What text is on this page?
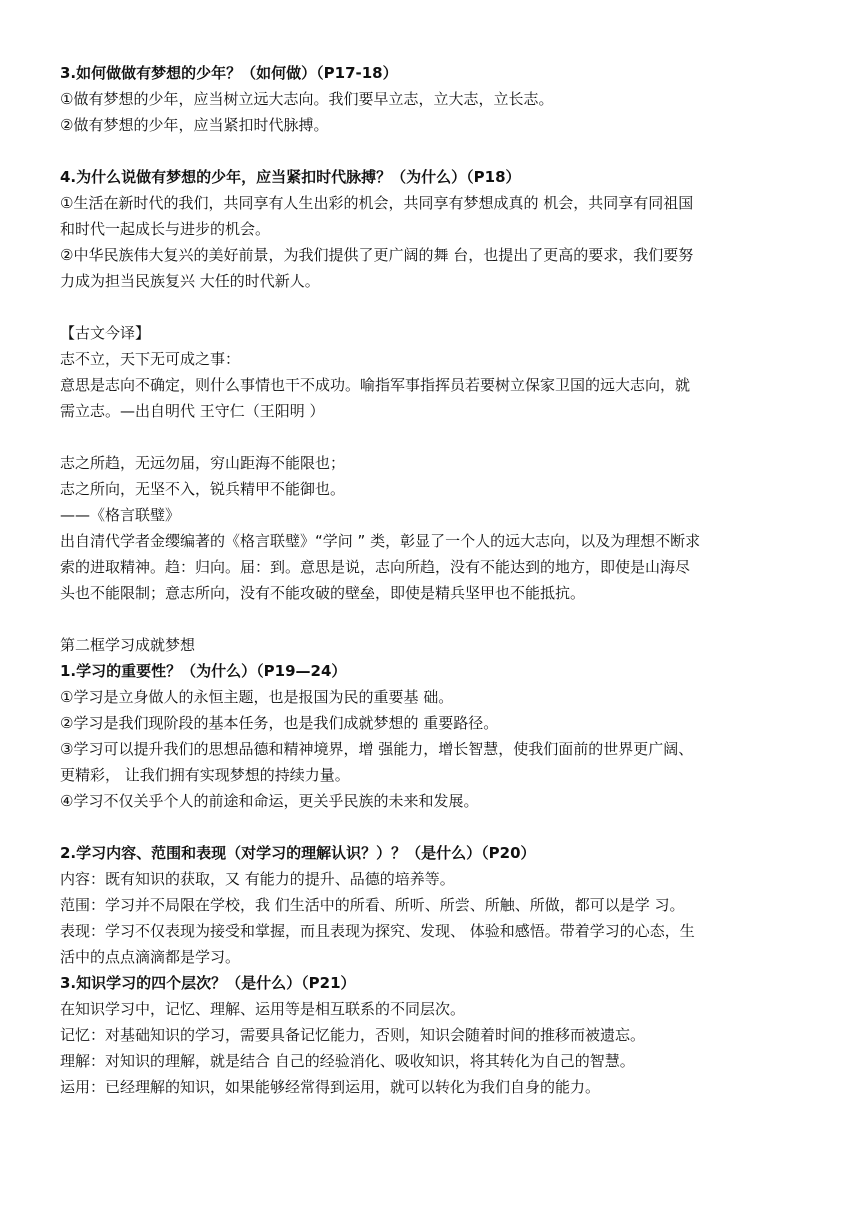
3.如何做做有梦想的少年？（如何做）（P17-18）
①做有梦想的少年，应当树立远大志向。我们要早立志，立大志，立长志。
②做有梦想的少年，应当紧扣时代脉搏。
4.为什么说做有梦想的少年，应当紧扣时代脉搏？（为什么）（P18）
①生活在新时代的我们，共同享有人生出彩的机会，共同享有梦想成真的 机会，共同享有同祖国
和时代一起成长与进步的机会。
②中华民族伟大复兴的美好前景，为我们提供了更广阔的舞 台，也提出了更高的要求，我们要努
力成为担当民族复兴 大任的时代新人。
【古文今译】
志不立，天下无可成之事：
意思是志向不确定，则什么事情也干不成功。喻指军事指挥员若要树立保家卫国的远大志向，就
需立志。—出自明代 王守仁（王阳明 ）
志之所趋，无远勿届，穷山距海不能限也；
志之所向，无坚不入，锐兵精甲不能御也。
——《格言联璧》
出自清代学者金缨编著的《格言联璧》“学问 ” 类，彰显了一个人的远大志向，以及为理想不断求
索的进取精神。趋：归向。届：到。意思是说，志向所趋，没有不能达到的地方，即使是山海尽
头也不能限制；意志所向，没有不能攻破的壁垒，即使是精兵坚甲也不能抵抗。
第二框学习成就梦想
1.学习的重要性？（为什么）（P19—24）
①学习是立身做人的永恒主题，也是报国为民的重要基 础。
②学习是我们现阶段的基本任务，也是我们成就梦想的 重要路径。
③学习可以提升我们的思想品德和精神境界，增 强能力，增长智慧，使我们面前的世界更广阔、
更精彩， 让我们拥有实现梦想的持续力量。
④学习不仅关乎个人的前途和命运，更关乎民族的未来和发展。
2.学习内容、范围和表现（对学习的理解认识？）？（是什么）（P20）
内容：既有知识的获取，又 有能力的提升、品德的培养等。
范围：学习并不局限在学校，我 们生活中的所看、所听、所尝、所触、所做，都可以是学 习。
表现：学习不仅表现为接受和掌握，而且表现为探究、发现、 体验和感悟。带着学习的心态，生
活中的点点滴滴都是学习。
3.知识学习的四个层次？（是什么）（P21）
在知识学习中，记忆、理解、运用等是相互联系的不同层次。
记忆：对基础知识的学习，需要具备记忆能力，否则，知识会随着时间的推移而被遗忘。
理解：对知识的理解，就是结合 自己的经验消化、吸收知识，将其转化为自己的智慧。
运用：已经理解的知识，如果能够经常得到运用，就可以转化为我们自身的能力。
